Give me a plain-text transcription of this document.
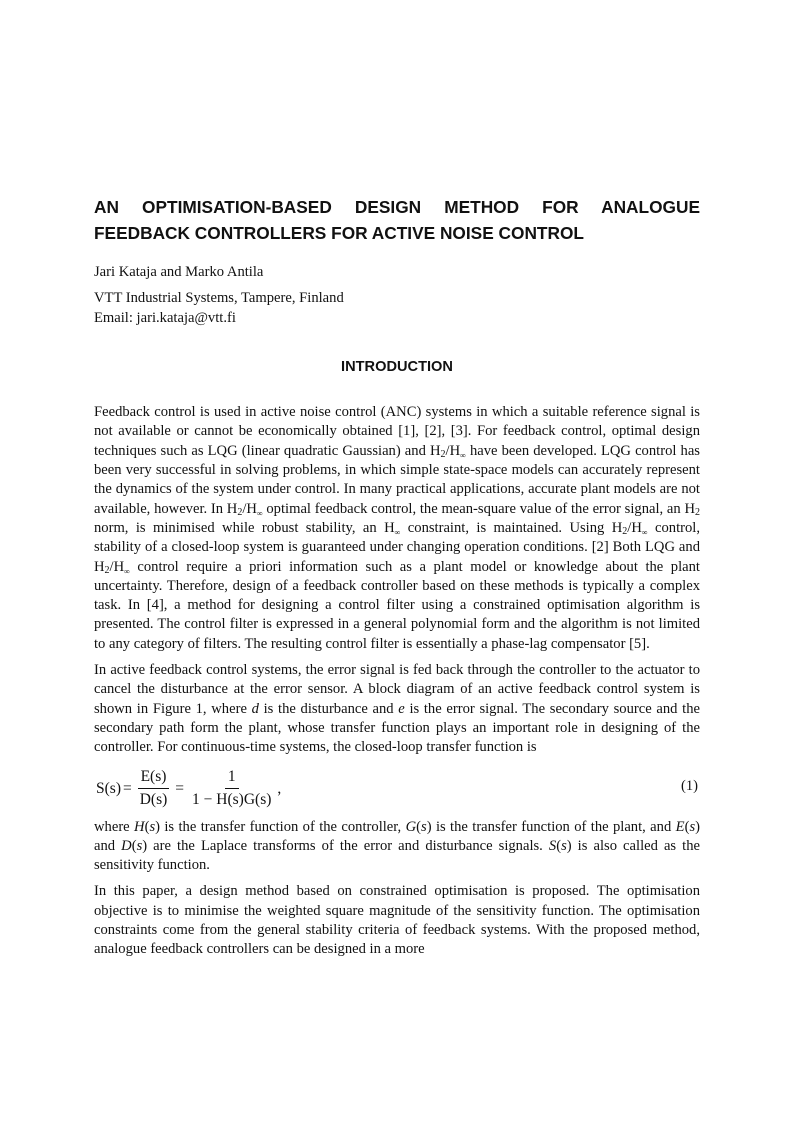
AN OPTIMISATION-BASED DESIGN METHOD FOR ANALOGUE
FEEDBACK CONTROLLERS FOR ACTIVE NOISE CONTROL
Jari Kataja and Marko Antila
VTT Industrial Systems, Tampere, Finland
Email: jari.kataja@vtt.fi
INTRODUCTION

Feedback control is used in active noise control (ANC) systems in which a suitable reference signal is not available or cannot be economically obtained [1], [2], [3]. For feedback control, optimal design techniques such as LQG (linear quadratic Gaussian) and $H_2/H_\infty$ have been developed. LQG control has been very successful in solving problems, in which simple state-space models can accurately represent the dynamics of the system under control. In many practical applications, accurate plant models are not available, however. In $H_2/H_\infty$ optimal feedback control, the mean-square value of the error signal, an $H_2$ norm, is minimised while robust stability, an $H_\infty$ constraint, is maintained. Using $H_2/H_\infty$ control, stability of a closed-loop system is guaranteed under changing operation conditions. [2] Both LQG and $H_2/H_\infty$ control require a priori information such as a plant model or knowledge about the plant uncertainty. Therefore, design of a feedback controller based on these methods is typically a complex task. In [4], a method for designing a control filter using a constrained optimisation algorithm is presented. The control filter is expressed in a general polynomial form and the algorithm is not limited to any category of filters. The resulting control filter is essentially a phase-lag compensator [5].

In active feedback control systems, the error signal is fed back through the controller to the actuator to cancel the disturbance at the error sensor. A block diagram of an active feedback control system is shown in Figure 1, where d is the disturbance and e is the error signal. The secondary source and the secondary path form the plant, whose transfer function plays an important role in designing of the controller. For continuous-time systems, the closed-loop transfer function is

$S(s) = \frac{E(s)}{D(s)} = \frac{1}{1 - H(s)G(s)}$ ,	(1)

where H(s) is the transfer function of the controller, G(s) is the transfer function of the plant, and E(s) and D(s) are the Laplace transforms of the error and disturbance signals. S(s) is also called as the sensitivity function.

In this paper, a design method based on constrained optimisation is proposed. The optimisation objective is to minimise the weighted square magnitude of the sensitivity function. The optimisation constraints come from the general stability criteria of feedback systems. With the proposed method, analogue feedback controllers can be designed in a more
